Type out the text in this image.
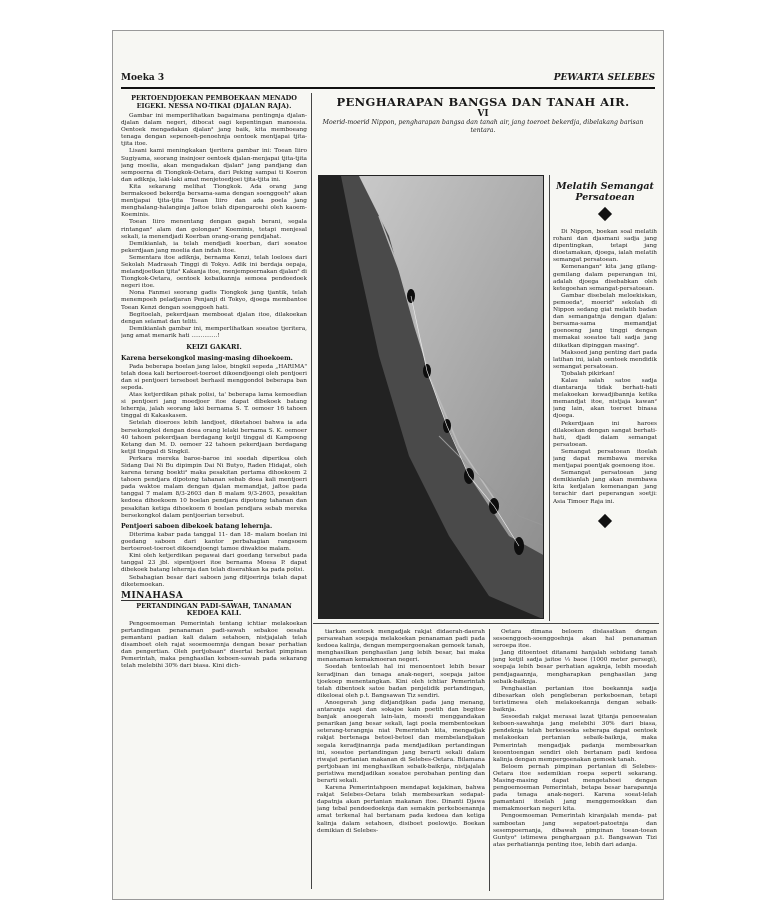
Moeka 3	PEWARTA SELEBES
PERTOENDJOEKAN PEMBOEKAAN MENADO EIGEKI. NESSA NO-TIKAI (DJALAN RAJA).

Gambar ini memperlihatkan bagaimana pentingnja djalan-djalan dalam negeri, dibocat oagi kepentingan manoesia. Oentoek mengadakan djalan² jang baik, kita memboeang tenaga dengan sepenoeh-penoehnja oentoek mentjapai tjita-tjita itoe.

Lisani kami meningkakan tjeritera gambar ini: Toean Iiiro Sugiyama, seorang insinjoer oentoek djalan-menjapai tjita-tjita jang moelia, akan mengadakan djalan² jang pandjang dan sempoerna di Tiongkok-Oetara, dari Peking sampai ti Koeron dan adiknja, laki-laki amat menjetoedjoei tjita-tjita ini.

Kita sekarang melihat Tiongkok. Ada orang jang bermaksoed bekerdja bersama-sama dengan soenggoeh² akan mentjapai tjita-tjita Toean Iiiro dan ada poela jang menghalang-halanginja jaïtoe telah dipengaroehi oleh kaoem-Koeminis.

Toean Iiiro menentang dengan gagah berani, segala rintangan² alam dan golongan² Koeminis, tetapi menjesal sekali, ia menendjadi Koerban orang-orang pendjahat.

Demikianlah, ia telah mendjadi koerban, dari soeatoe pekerdjaan jang moelia dan indah itoe.

Sementara itoe adiknja, bernama Kenzi, telah loeloes dari Sekolah Madrasah Tinggi di Tokyo. Adik ini berdaja oepaja, melandjoetkan tjita² Kakanja itoe, menjempoernakan djalan² di Tiongkok-Oetara, oentoek kebaikannja semoea pendoedoek negeri itoe.

Nona Fanmei seorang gadis Tiongkok jang tjantik, telah menempoeh peladjaran Penjanji di Tokyo, djoega membantoe Toean Kenzi dengan soenggoeh hati.

Begitoelah, pekerdjaan memboeat djalan itoe, dilakoekan dengan selamat dan teliti.

Demikianlah gambar ini, memperlihatkan soeatoe tjeritera, jang amat menarik hati ..............!

KEIZI GAKARI.
Karena bersekongkol masing-masing dihoekoem.

Pada beberapa boelan jang laloe, bingkil sepeda „HARIMA" telah doea kali bertoeroet-toeroet dikoendjoengi oleh pentjoeri dan si pentjoeri terseboet berhasil menggondol beberapa ban sepeda.

Atas ketjerdikan pihak polisi, ta' beberapa lama kemoedian si pentjoeri jang moedjoer itoe dapat dibekoek batang lehernja, jalah seorang laki bernama S. T. oemoer 16 tahoen tinggal di Kakaskasen.

Setelah dioeroes lebih landjoet, diketahoei bahwa ia ada bersekongkol dengan doea orang lelaki bernama S. K. oemoer 40 tahoen pekerdjaan berdagang ketjil tinggal di Kampoeng Ketang dan M. D. oemoer 22 tahoen pekerdjaan berdagang ketjil tinggal di Singkil.

Perkara mereka baroe-baroe ini soedah diperiksa oleh Sidang Dai Ni Bu dipimpin Dai Ni Butyo, Raden Hidajat, oleh karena terang boekti² maka pesakitan pertama dihoekoem 2 tahoen pendjara dipotong tahanan sebab doea kali mentjoeri pada waktoe malam dengan djalan memandjat, jaïtoe pada tanggal 7 malam 8/3-2603 dan 8 malam 9/3-2603, pesakitan kedoea dihoekoem 10 boelan pendjara dipotong tahanan dan pesakitan ketiga dihoekoem 6 boelan pendjara sebab mereka bersekongkol dalam pentjoerian tersebut.

Pentjoeri saboen dibekoek batang lehernja.

Diterima kabar pada tanggal 11- dan 18- malam boelan ini goedang saboen dari kantor perbahagian rangsoem bertoeroet-toeroet dikoendjoengi tamoe diwaktoe malam.

Kini oleh ketjerdikan pegawai dari goedang tersebut pada tanggal 23 jbl. sipentjoeri itoe bernama Moesa P. dapat dibekoek batang lehernja dan telah diserahkan ka pada polisi.

Sebahagian besar dari saboen jang ditjoerinja telah dapat diketemoekan.

MINAHASA
PERTANDINGAN PADI-SAWAH, TANAMAN KEDOEA KALI.

Pengoemoeman Pemerintah tentang ichtiar melakoekan pertandingan penanaman padi-sawah sebakoe oesaha pemantani padian kali dalam setahoen, nistjajalah telah disamboet oleh rajat seoemoemnja dengan besar perhatian dan pengertian. Oleh pertjobaan² disertai berkat pimpinan Pemerintah, maka penghasilan keboen-sawah pada sekarang telah melebihi 30% dari biasa. Kini dich-

PENGHARAPAN BANGSA DAN TANAH AIR.
VI
Moerid-moerid Nippon, pengharapan bangsa dan tanah air, jang toeroet bekerdja, dibelakang barisan tentara.
Melatih Semangat Persatoean

Di Nippon, boekan soal melatih rohani dan djasmani sadja jang dipentingkan, tetapi jang dioetamakan, djoega, ialah melatih semangat persatoean.

Kemenangan² kita jang gilang-gemilang dalam peperangan ini, adalah djoega disebabkan oleh ketegoehan semangat-persatoean.

Gambar disebelah meloekiskan, pemoeda², moerid² sekolah di Nippon sedang giat melatih badan dan semangatnja dengan djalan: bersama-sama memandjat goenoeng jang tinggi dengan memakai soeatoe tali sadja jang diikatkan dipinggan masing².

Maksoed jang penting dari pada latihan ini, ialah oentoek mendidik semangat persatoean.

Tjobalah pikirkan!

Kalau salah satoe sadja diantaranja tidak berhati-hati melakoekan kewadjibannja ketika memandjat itoe, nistjaja kawan² jang lain, akan toeroet binasa djoega.

Pekerdjaan ini haroes dilakoekan dengan sangat berhati-hati, djadi dalam semangat persatoean.

Semangat persatoean itoelah jang dapat membawa mereka mentjapai poentjak goenoeng itoe.

Semangat persatoean jang demikianlah jang akan membawa kita kedjalan kemenangan jang terachir dari peperangan soetji: Asia Timoer Raja ini.

tiarkan oentoek mengadjak rakjat didaerah-daerah persawahan soepaja melakoekan penanaman padi pada kedoea kalinja, dengan mempergoenakan gemoek tanah, menghasilkan penghasilan jang lebih besar, bai maka menanaman kemakmoeran negeri.

Soedah tentoelah hal ini menoentoet lebih besar keradjinan dan tenaga anak-negeri, soepaja jaitoe tjoekoep menentangkan. Kini oleh ichtiar Pemerintah telah dibentoek satoe badan penjelidik pertandingan, dikeloeai oleh p.t. Bangsawan Tiz sendiri.

Anoegerah jang didjandjikan pada jang menang, antaranja sapi dan sokajoe kain poetih dan begitoe banjak anoegerah lain-lain, moesti menggandakan penarikan jang besar sekali, lagi poela membentoekan seterang-terangnja niat Pemerintah kita, mengadjak rakjat bertenaga betoel-betoel dan membelandjakan segala keradjinannja pada mendjadikan pertandingan ini, soeatoe pertandingan jang berarti sekali dalam riwajat pertanian makanan di Selebes-Oetara. Bilamana pertjobaan ini menghasilkan sebaik-baiknja, nistjajalah peristiwa mendjadikan soeatoe perobahan penting dan berarti sekali.

Karena Pemerintahpoen mendapat kejakinan, bahwa rakjat Selebes-Oetara telah membesarkan sedapat-dapatnja akan pertanian makanan itoe. Dinanti Djawa jang tebal pendoedoeknja dan semakin perkeboenannja amat terkenal hal bertanam pada kedoea dan ketiga kalinja dalam setahoen, disiboet poelowijo. Boekan demikian di Selebes-

Oetara dimana beloem dislasatkan dengan sesoenggoeh-soenggoehnja akan hal penanaman seroepa itoe.

Jang ditoentoet ditanami hanjalah sebidang tanah jang ketjil sadja jaitoe ⅓ baoe (1000 meter persegi), soepaja lebih besar perhatian agaknja, lebih moedah pendjagaannja, mengharapkan penghasilan jang sebaik-baiknja.

Penghasilan pertanian itoe boekannja sadja dibesarkan oleh pengleberan perkeboenan, tetapi teristimewa oleh melakoekannja dengan sebaik-baiknja.

Sesoedah rakjat merasai lazat tjitanja penoewaian keboen-sawahnja jang melebihi 30% dari biasa, pendeknja telah berkesoeka seberapa dapat oentoek melakoekan pertanian sebaik-baiknja, maka Pemerintah mengadjak padanja membesarkan keoentoengan sendiri oleh bertanam padi kedoea kalinja dengan mempergoenakan gemoek tanah.

Beloem pernah pimpinan pertanian di Selebes-Oetara itoe sedemikian roepa seperti sekarang. Masing-masing dapat mengetahoei dengan pengoemoeman Pemerintah, betapa besar harapannja pada tenaga anak-negeri. Karena soeat-lelah pamantani itoelah jang menggemoekkan dan memakmoerkan negeri kita.

Pengoemoeman Pemerintah kiranjalah menda- pat samboetan jang sepatoet-patoetnja dan sesempoernanja, dibawah pimpinan toean-toean Guntyo² istimewa penghargaan p.t. Bangsawan Tizi atas perhatiannja penting itoe, lebih dari adanja.
